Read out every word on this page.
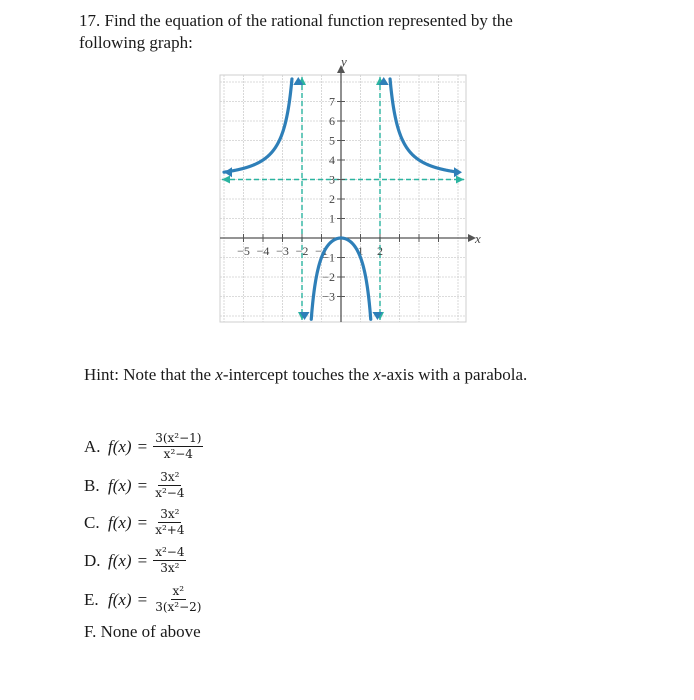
17. Find the equation of the rational function represented by the
following graph:

−5 −4 −3 −2 −1 1 2
1
2
3
4
5
6
7
−1
−2
−3
x
y

Hint: Note that the x-intercept touches the x-axis with a parabola.

A. $f(x) = \frac{\text{3(x²−1)}}{\text{x²−4}}$
B. $f(x) = \frac{\text{3x²}}{\text{x²−4}}$
C. $f(x) = \frac{\text{3x²}}{\text{x²+4}}$
D. $f(x) = \frac{\text{x²−4}}{\text{3x²}}$
E. $f(x) = \frac{\text{x²}}{\text{3(x²−2)}}$
F. None of above
